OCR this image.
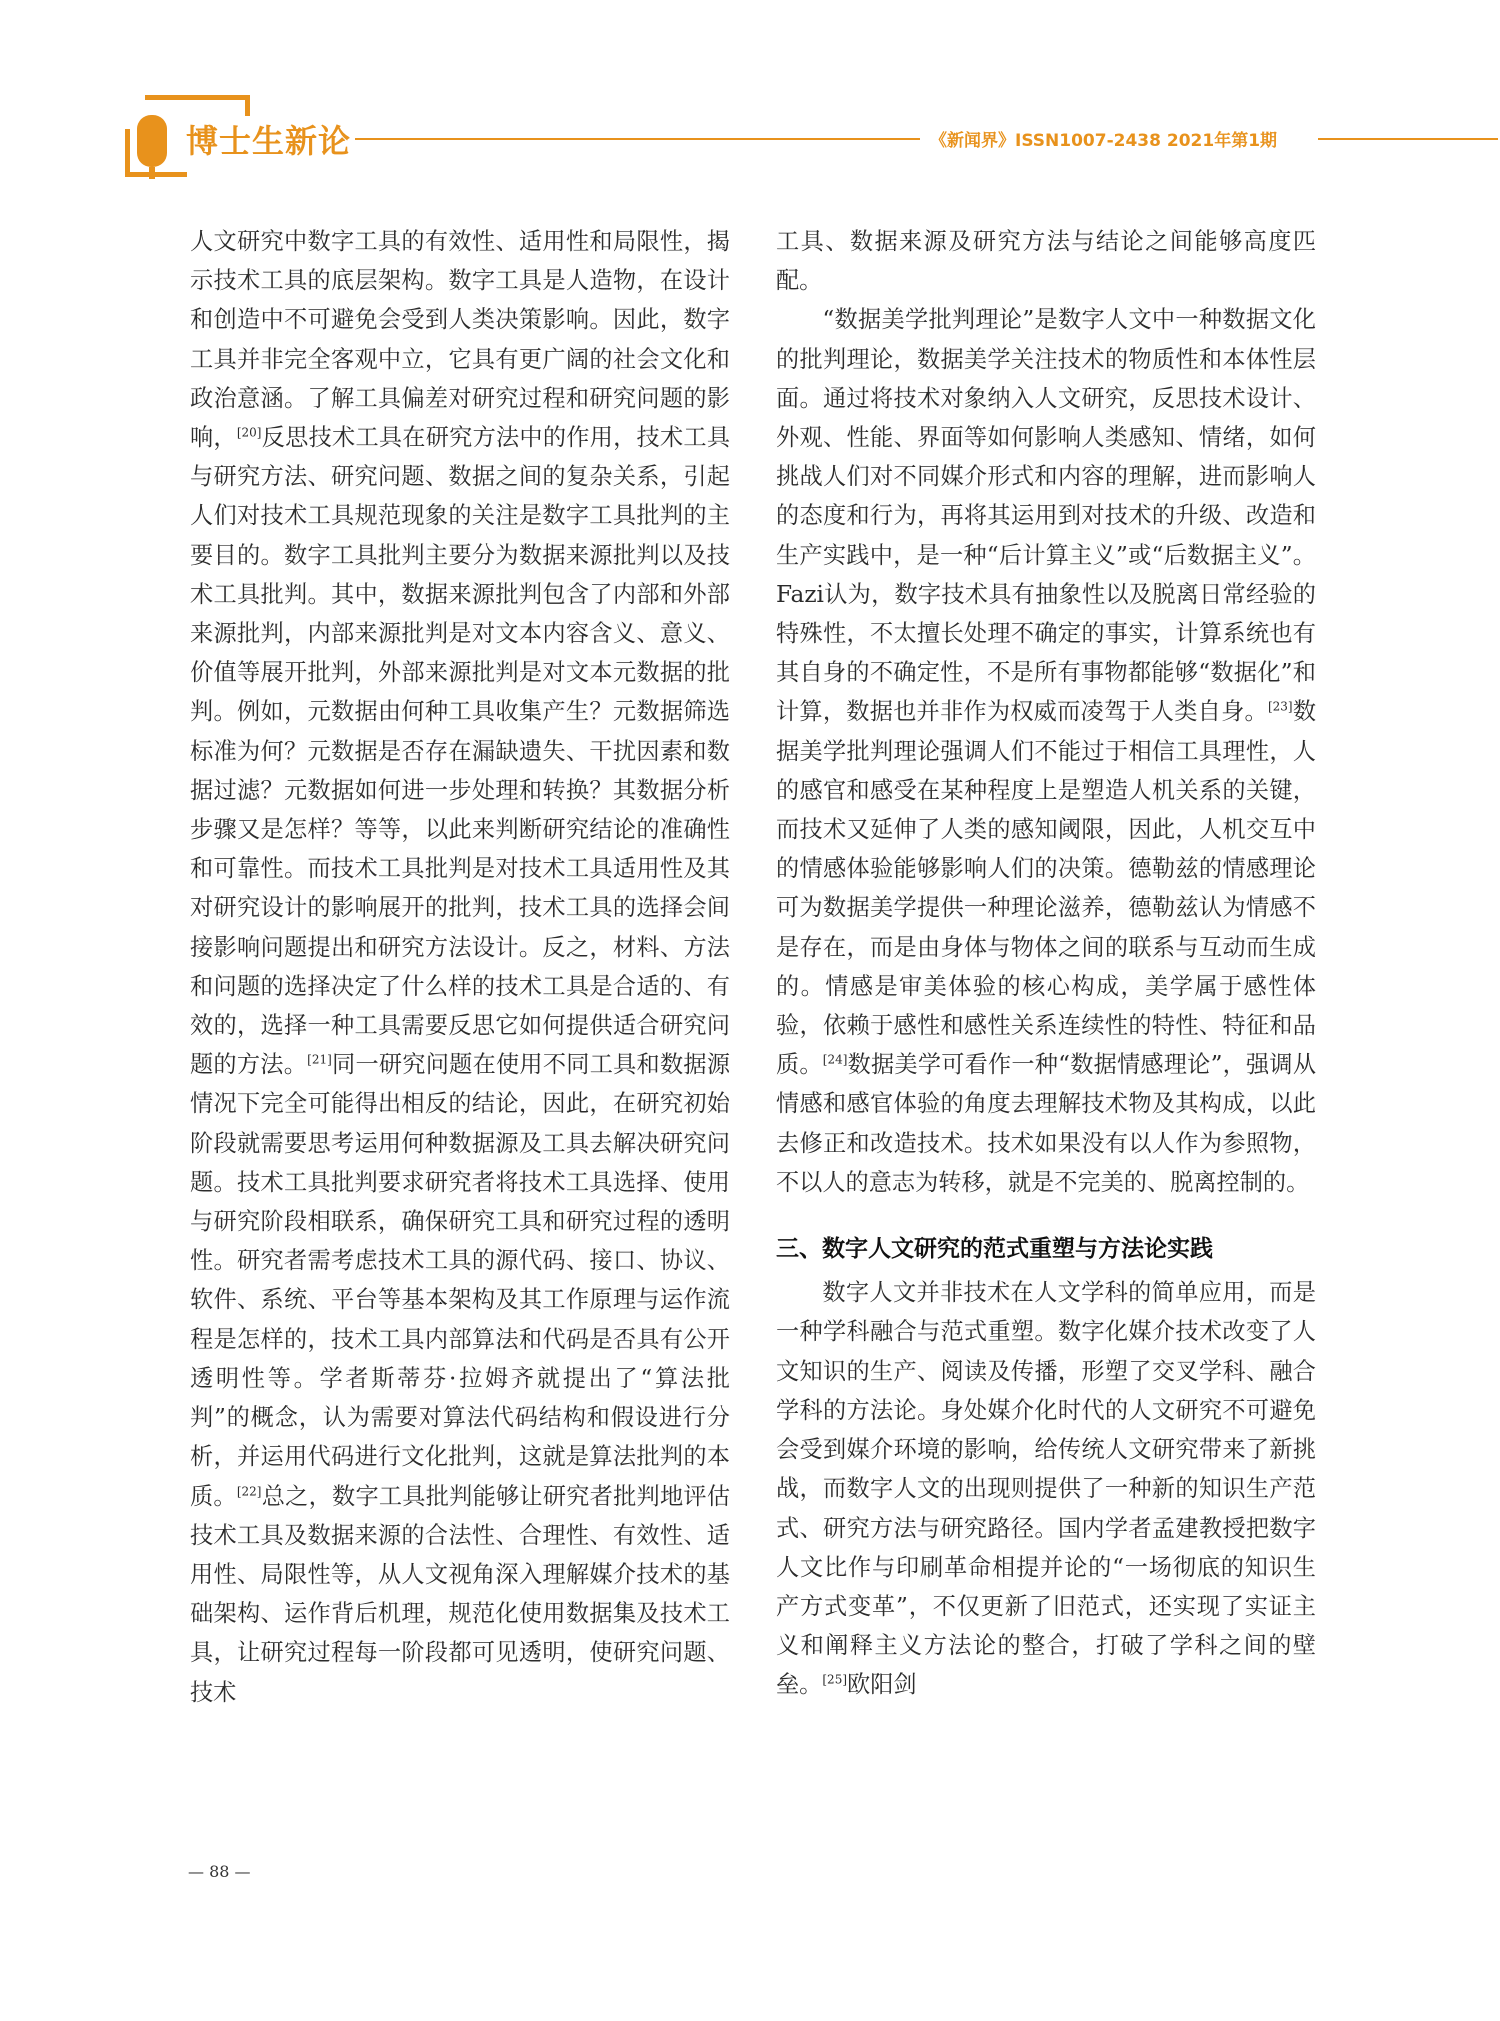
博士生新论	《新闻界》ISSN1007-2438 2021年第1期

人文研究中数字工具的有效性、适用性和局限性，揭示技术工具的底层架构。数字工具是人造物，在设计和创造中不可避免会受到人类决策影响。因此，数字工具并非完全客观中立，它具有更广阔的社会文化和政治意涵。了解工具偏差对研究过程和研究问题的影响，[20]反思技术工具在研究方法中的作用，技术工具与研究方法、研究问题、数据之间的复杂关系，引起人们对技术工具规范现象的关注是数字工具批判的主要目的。数字工具批判主要分为数据来源批判以及技术工具批判。其中，数据来源批判包含了内部和外部来源批判，内部来源批判是对文本内容含义、意义、价值等展开批判，外部来源批判是对文本元数据的批判。例如，元数据由何种工具收集产生？元数据筛选标准为何？元数据是否存在漏缺遗失、干扰因素和数据过滤？元数据如何进一步处理和转换？其数据分析步骤又是怎样？等等，以此来判断研究结论的准确性和可靠性。而技术工具批判是对技术工具适用性及其对研究设计的影响展开的批判，技术工具的选择会间接影响问题提出和研究方法设计。反之，材料、方法和问题的选择决定了什么样的技术工具是合适的、有效的，选择一种工具需要反思它如何提供适合研究问题的方法。[21]同一研究问题在使用不同工具和数据源情况下完全可能得出相反的结论，因此，在研究初始阶段就需要思考运用何种数据源及工具去解决研究问题。技术工具批判要求研究者将技术工具选择、使用与研究阶段相联系，确保研究工具和研究过程的透明性。研究者需考虑技术工具的源代码、接口、协议、软件、系统、平台等基本架构及其工作原理与运作流程是怎样的，技术工具内部算法和代码是否具有公开透明性等。学者斯蒂芬·拉姆齐就提出了“算法批判”的概念，认为需要对算法代码结构和假设进行分析，并运用代码进行文化批判，这就是算法批判的本质。[22]总之，数字工具批判能够让研究者批判地评估技术工具及数据来源的合法性、合理性、有效性、适用性、局限性等，从人文视角深入理解媒介技术的基础架构、运作背后机理，规范化使用数据集及技术工具，让研究过程每一阶段都可见透明，使研究问题、技术

工具、数据来源及研究方法与结论之间能够高度匹配。

“数据美学批判理论”是数字人文中一种数据文化的批判理论，数据美学关注技术的物质性和本体性层面。通过将技术对象纳入人文研究，反思技术设计、外观、性能、界面等如何影响人类感知、情绪，如何挑战人们对不同媒介形式和内容的理解，进而影响人的态度和行为，再将其运用到对技术的升级、改造和生产实践中，是一种“后计算主义”或“后数据主义”。Fazi认为，数字技术具有抽象性以及脱离日常经验的特殊性，不太擅长处理不确定的事实，计算系统也有其自身的不确定性，不是所有事物都能够“数据化”和计算，数据也并非作为权威而凌驾于人类自身。[23]数据美学批判理论强调人们不能过于相信工具理性，人的感官和感受在某种程度上是塑造人机关系的关键，而技术又延伸了人类的感知阈限，因此，人机交互中的情感体验能够影响人们的决策。德勒兹的情感理论可为数据美学提供一种理论滋养，德勒兹认为情感不是存在，而是由身体与物体之间的联系与互动而生成的。情感是审美体验的核心构成，美学属于感性体验，依赖于感性和感性关系连续性的特性、特征和品质。[24]数据美学可看作一种“数据情感理论”，强调从情感和感官体验的角度去理解技术物及其构成，以此去修正和改造技术。技术如果没有以人作为参照物，不以人的意志为转移，就是不完美的、脱离控制的。

三、数字人文研究的范式重塑与方法论实践

数字人文并非技术在人文学科的简单应用，而是一种学科融合与范式重塑。数字化媒介技术改变了人文知识的生产、阅读及传播，形塑了交叉学科、融合学科的方法论。身处媒介化时代的人文研究不可避免会受到媒介环境的影响，给传统人文研究带来了新挑战，而数字人文的出现则提供了一种新的知识生产范式、研究方法与研究路径。国内学者孟建教授把数字人文比作与印刷革命相提并论的“一场彻底的知识生产方式变革”，不仅更新了旧范式，还实现了实证主义和阐释主义方法论的整合，打破了学科之间的壁垒。[25]欧阳剑

— 88 —
